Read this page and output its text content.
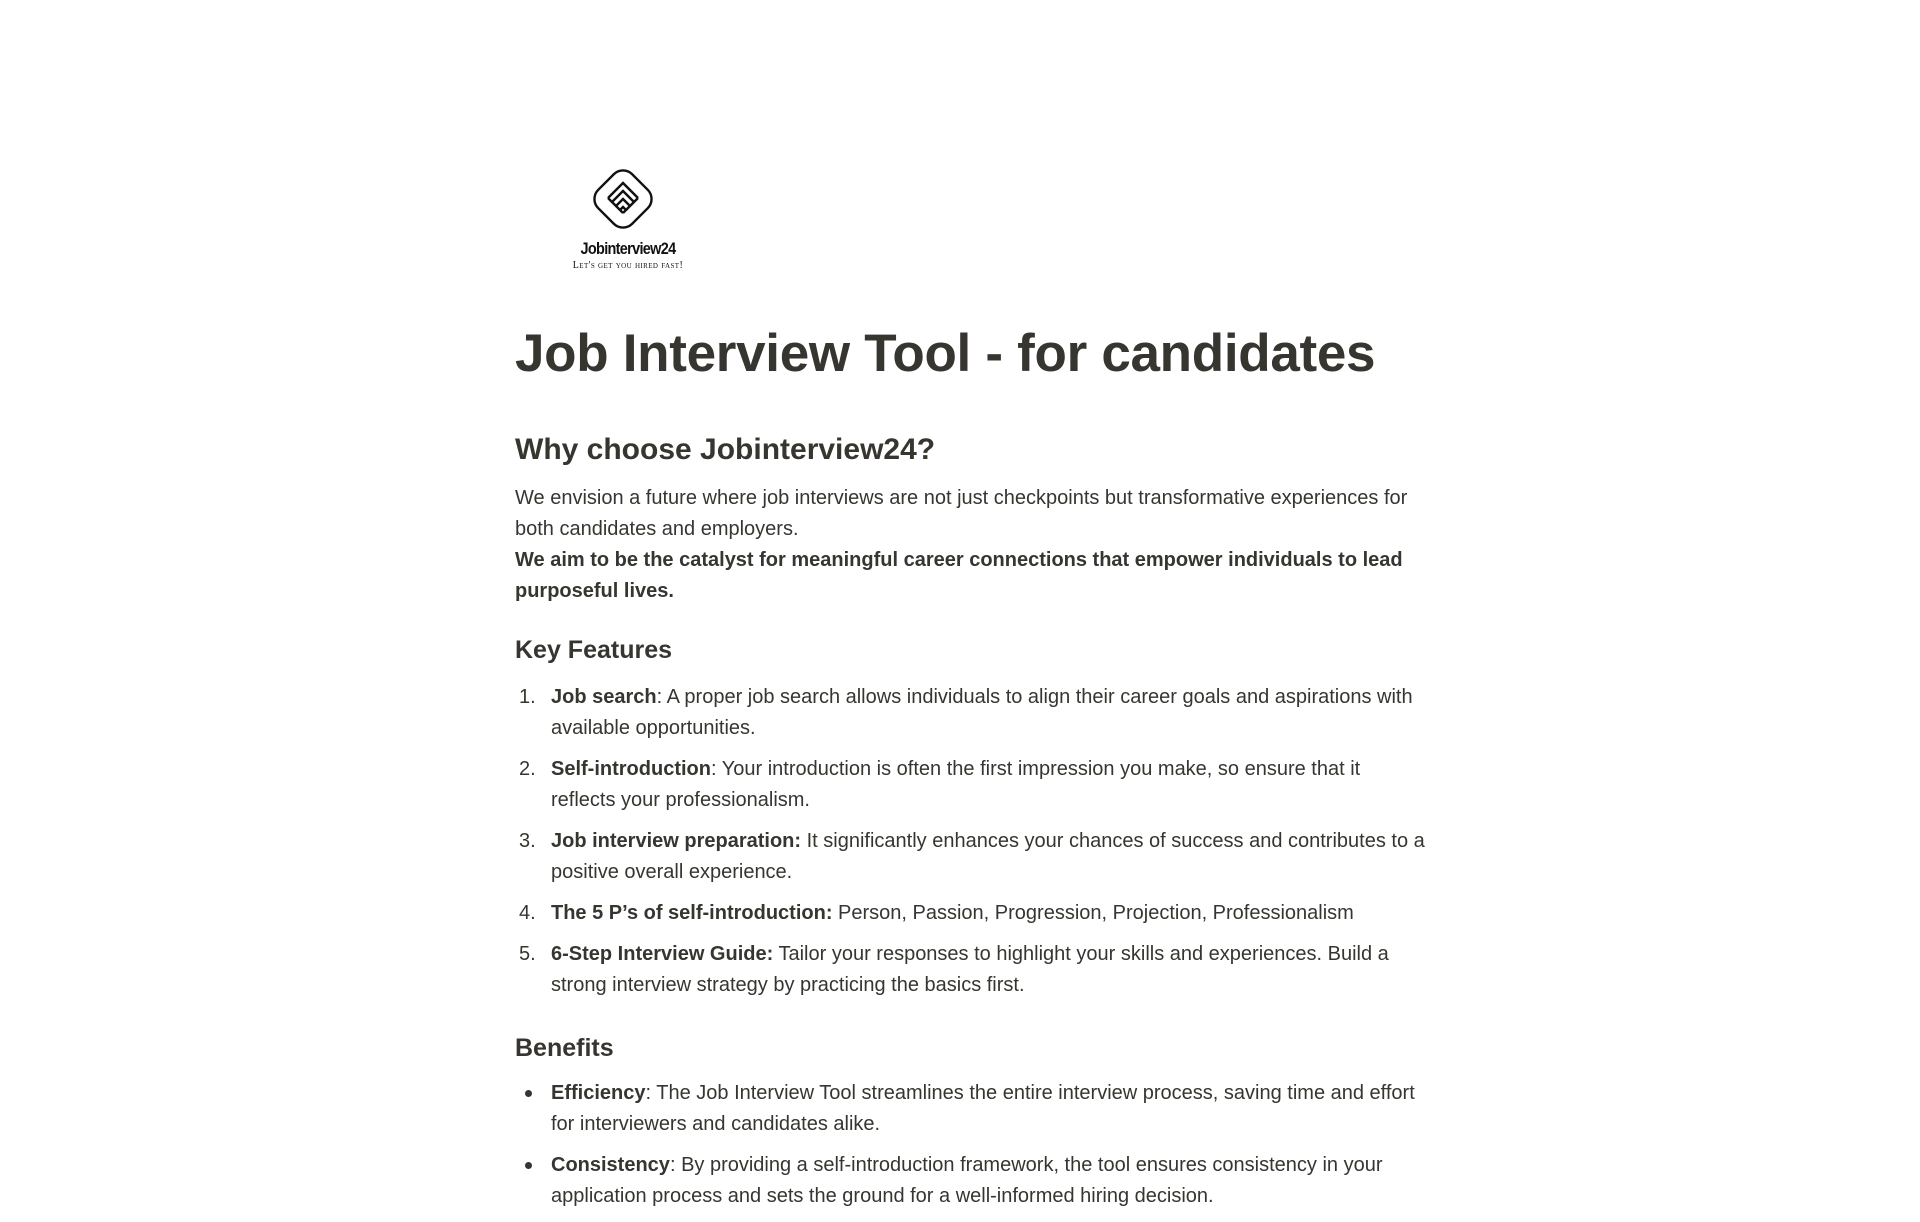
Jobinterview24
Let's get you hired fast!
Job Interview Tool - for candidates
Why choose Jobinterview24?

We envision a future where job interviews are not just checkpoints but transformative experiences for both candidates and employers.

We aim to be the catalyst for meaningful career connections that empower individuals to lead purposeful lives.

Key Features
1. Job search: A proper job search allows individuals to align their career goals and aspirations with available opportunities.
2. Self-introduction: Your introduction is often the first impression you make, so ensure that it reflects your professionalism.
3. Job interview preparation: It significantly enhances your chances of success and contributes to a positive overall experience.
4. The 5 P’s of self-introduction: Person, Passion, Progression, Projection, Professionalism
5. 6-Step Interview Guide: Tailor your responses to highlight your skills and experiences. Build a strong interview strategy by practicing the basics first.
Benefits
Efficiency: The Job Interview Tool streamlines the entire interview process, saving time and effort for interviewers and candidates alike.
Consistency: By providing a self-introduction framework, the tool ensures consistency in your application process and sets the ground for a well-informed hiring decision.
